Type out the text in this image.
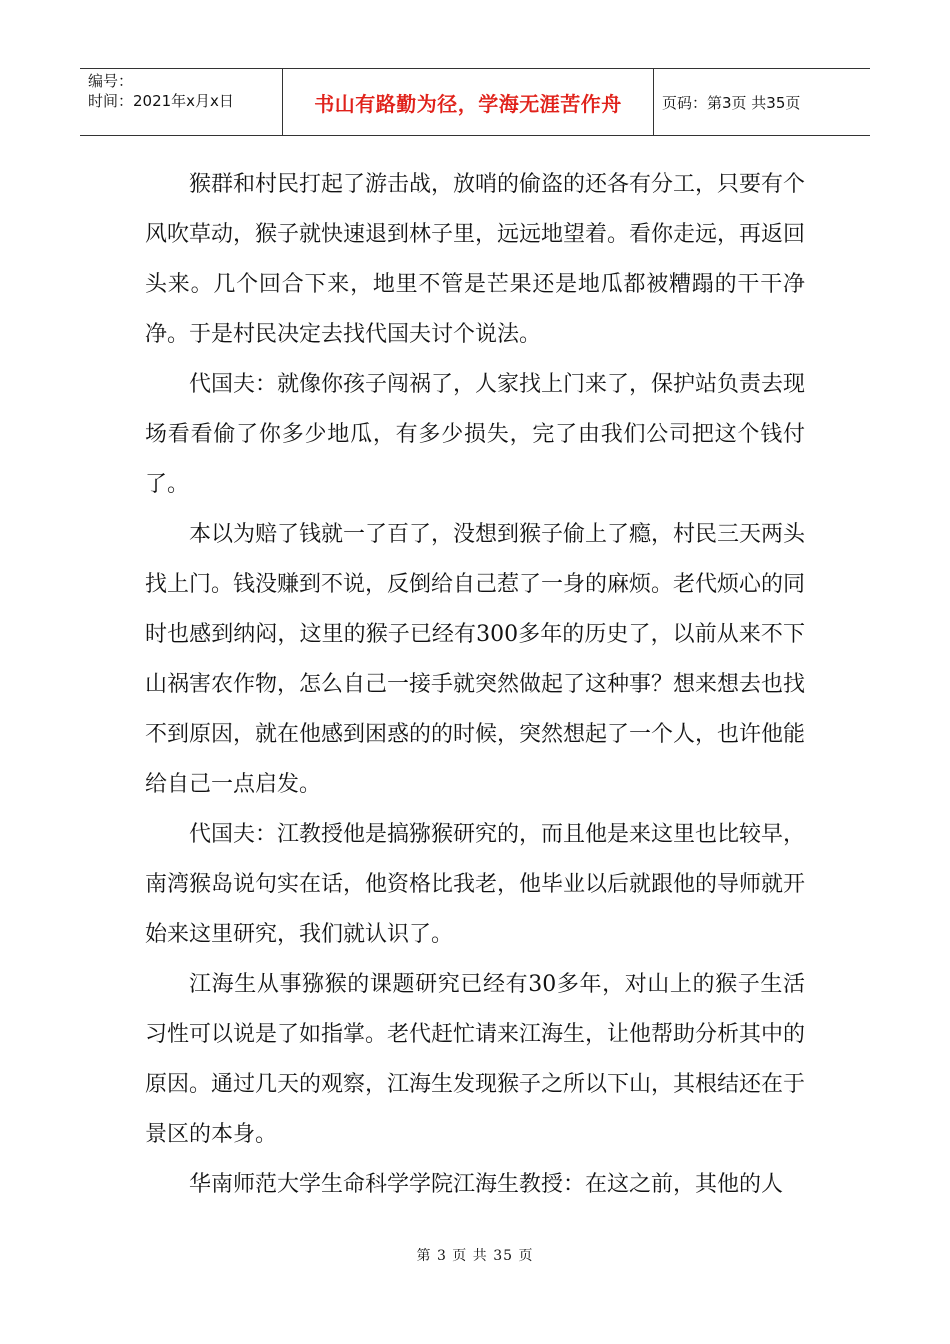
编号：
时间：2021年x月x日	书山有路勤为径，学海无涯苦作舟	页码：第3页 共35页

猴群和村民打起了游击战，放哨的偷盗的还各有分工，只要有个风吹草动，猴子就快速退到林子里，远远地望着。看你走远，再返回头来。几个回合下来，地里不管是芒果还是地瓜都被糟蹋的干干净净。于是村民决定去找代国夫讨个说法。

代国夫：就像你孩子闯祸了，人家找上门来了，保护站负责去现场看看偷了你多少地瓜，有多少损失，完了由我们公司把这个钱付了。

本以为赔了钱就一了百了，没想到猴子偷上了瘾，村民三天两头找上门。钱没赚到不说，反倒给自己惹了一身的麻烦。老代烦心的同时也感到纳闷，这里的猴子已经有300多年的历史了，以前从来不下山祸害农作物，怎么自己一接手就突然做起了这种事？想来想去也找不到原因，就在他感到困惑的的时候，突然想起了一个人，也许他能给自己一点启发。

代国夫：江教授他是搞猕猴研究的，而且他是来这里也比较早，南湾猴岛说句实在话，他资格比我老，他毕业以后就跟他的导师就开始来这里研究，我们就认识了。

江海生从事猕猴的课题研究已经有30多年，对山上的猴子生活习性可以说是了如指掌。老代赶忙请来江海生，让他帮助分析其中的原因。通过几天的观察，江海生发现猴子之所以下山，其根结还在于景区的本身。

华南师范大学生命科学学院江海生教授：在这之前，其他的人

第 3 页 共 35 页
